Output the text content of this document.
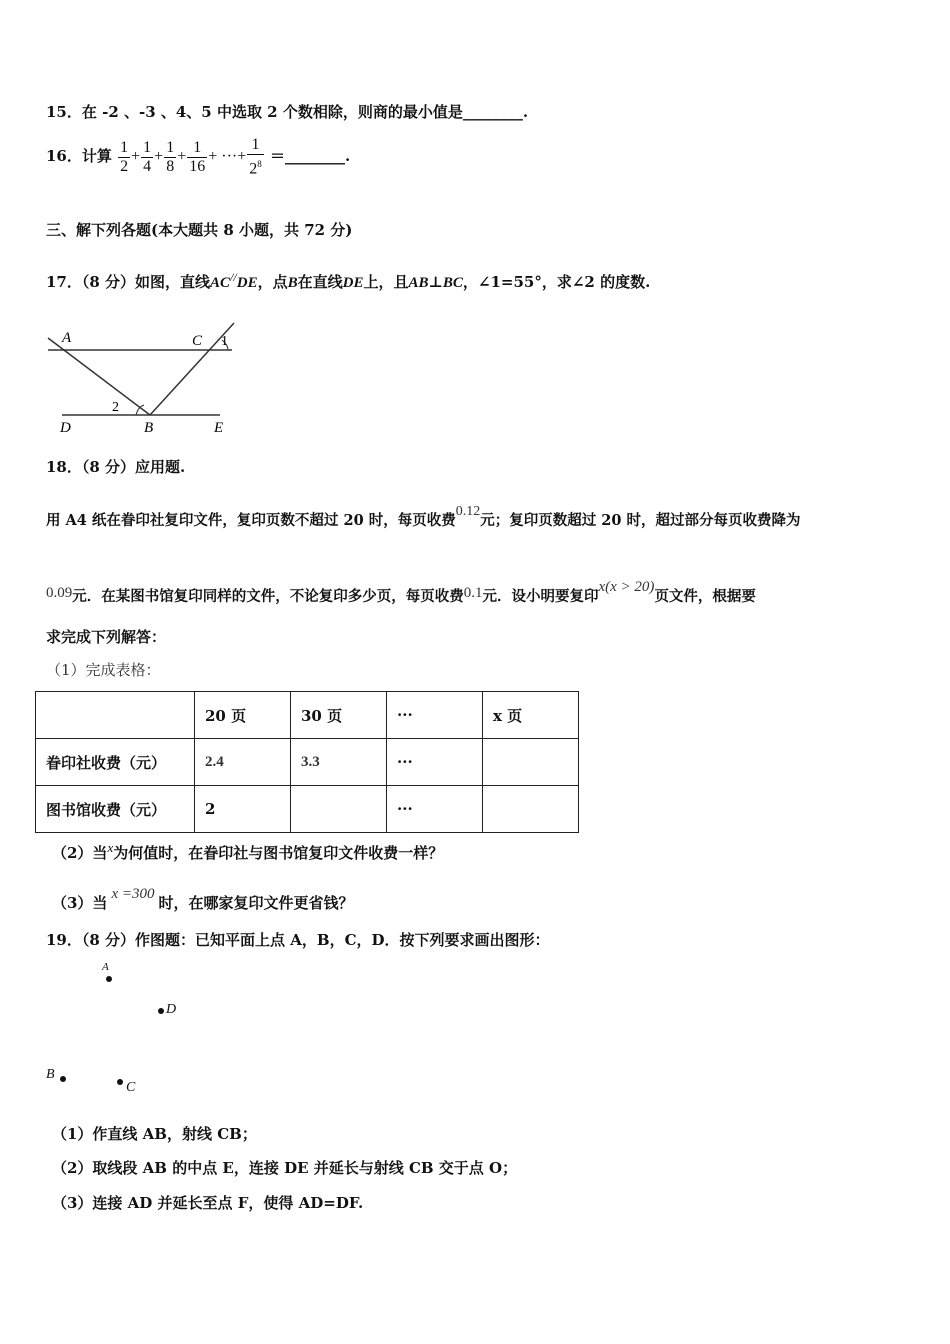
15．在 -2 、-3 、4、5 中选取 2 个数相除，则商的最小值是________.
16．计算 $\frac{1}{2} + \frac{1}{4} + \frac{1}{8} + \frac{1}{16}$ + ···+ $\frac{1}{2^8}$ ＝________.
三、解下列各题(本大题共 8 小题，共 72 分)
17．（8 分）如图，直线AC//DE，点B在直线DE上，且AB⊥BC，∠1=55°，求∠2 的度数.
A	C 1
2
D	B	E
18．（8 分）应用题.
用 A4 纸在眷印社复印文件，复印页数不超过 20 时，每页收费$^{0.12}$元；复印页数超过 20 时，超过部分每页收费降为
$^{0.09}$元．在某图书馆复印同样的文件，不论复印多少页，每页收费$^{0.1}$元．设小明要复印$^{x(x > 20)}$页文件，根据要
求完成下列解答：
（1）完成表格：
	20 页	30 页	···	x 页
眷印社收费（元）	2.4	3.3	···	
图书馆收费（元）	2		···	
（2）当$^x$为何值时，在眷印社与图书馆复印文件收费一样？
（3）当 $^{x =300}$ 时，在哪家复印文件更省钱？
19．（8 分）作图题：已知平面上点 A，B，C，D．按下列要求画出图形：
A
D
B
C
（1）作直线 AB，射线 CB；
（2）取线段 AB 的中点 E，连接 DE 并延长与射线 CB 交于点 O；
（3）连接 AD 并延长至点 F，使得 AD=DF.
